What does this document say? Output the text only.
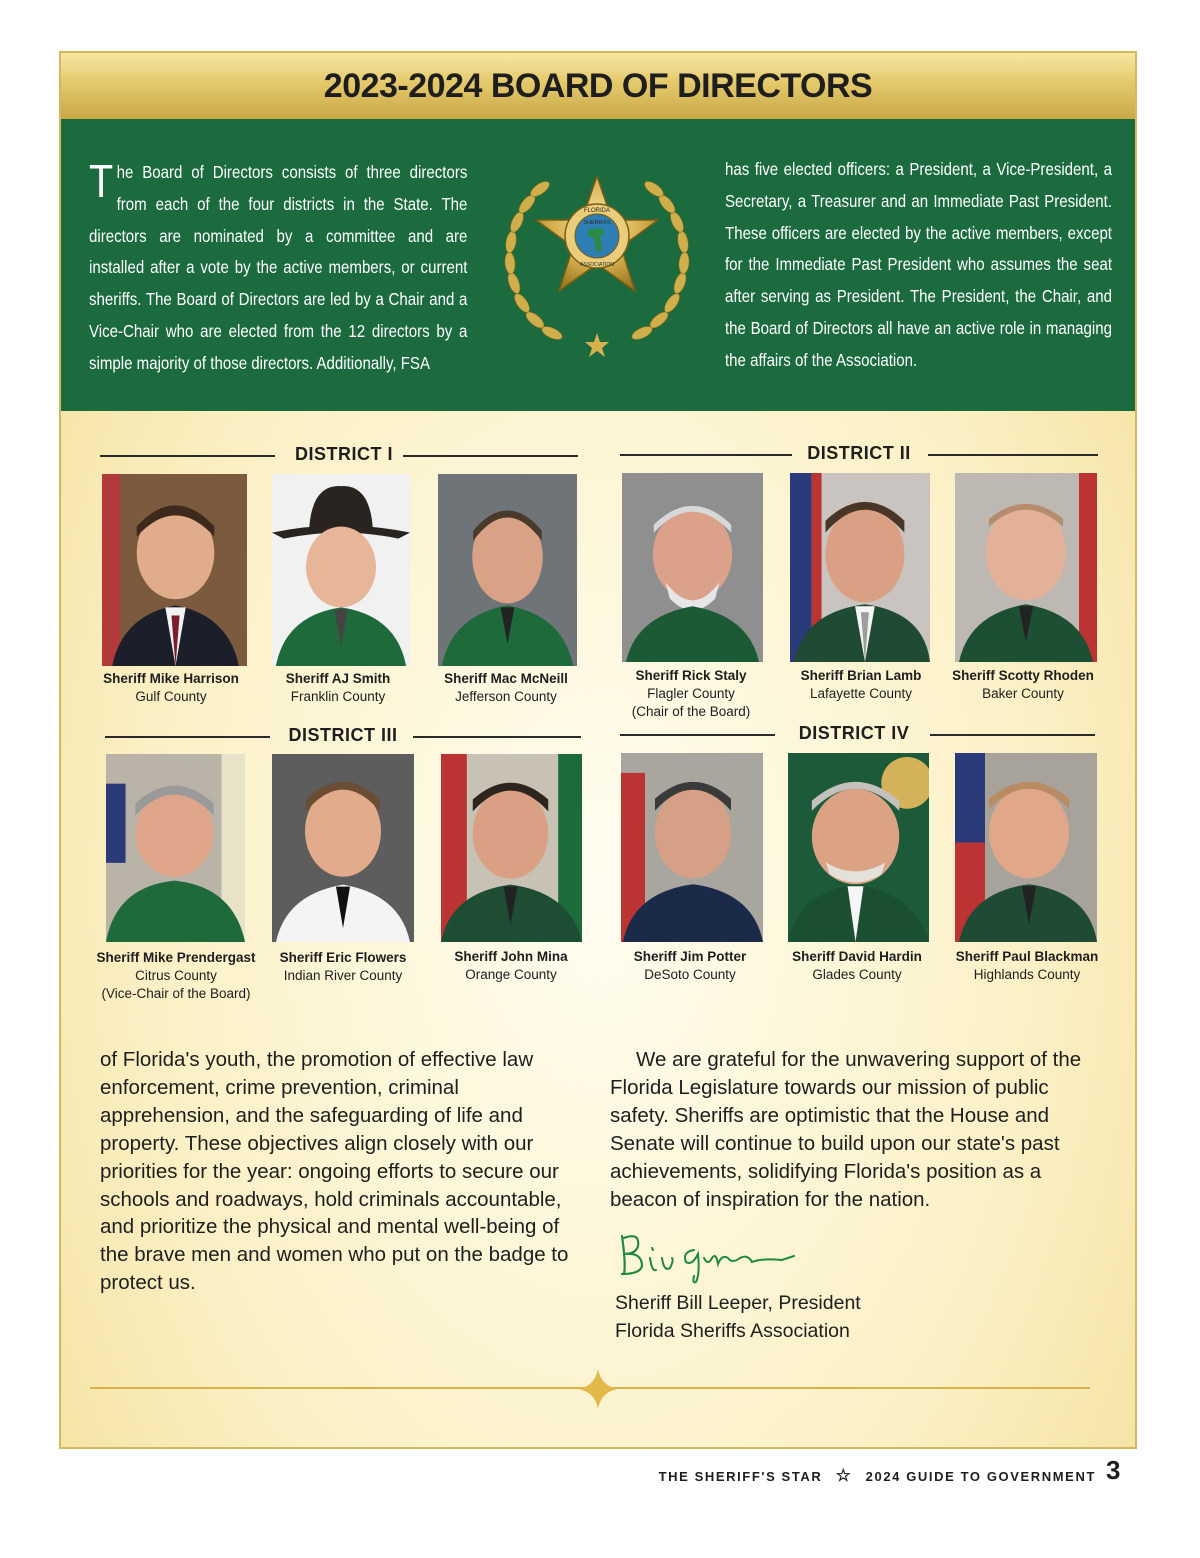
2023-2024 BOARD OF DIRECTORS
The Board of Directors consists of three directors from each of the four districts in the State. The directors are nominated by a committee and are installed after a vote by the active members, or current sheriffs. The Board of Directors are led by a Chair and a Vice-Chair who are elected from the 12 directors by a simple majority of those directors. Additionally, FSA
has five elected officers: a President, a Vice-President, a Secretary, a Treasurer and an Immediate Past President. These officers are elected by the active members, except for the Immediate Past President who assumes the seat after serving as President. The President, the Chair, and the Board of Directors all have an active role in managing the affairs of the Association.
FLORIDA
SHERIFFS
ASSOCIATION
DISTRICT I	DISTRICT II
DISTRICT III	DISTRICT IV
Sheriff Mike Harrison
Gulf County
Sheriff AJ Smith
Franklin County
Sheriff Mac McNeill
Jefferson County
Sheriff Rick Staly
Flagler County
(Chair of the Board)
Sheriff Brian Lamb
Lafayette County
Sheriff Scotty Rhoden
Baker County
Sheriff Mike Prendergast
Citrus County
(Vice-Chair of the Board)
Sheriff Eric Flowers
Indian River County
Sheriff John Mina
Orange County
Sheriff Jim Potter
DeSoto County
Sheriff David Hardin
Glades County
Sheriff Paul Blackman
Highlands County
of Florida's youth, the promotion of effective law enforcement, crime prevention, criminal apprehension, and the safeguarding of life and property. These objectives align closely with our priorities for the year: ongoing efforts to secure our schools and roadways, hold criminals accountable, and prioritize the physical and mental well-being of the brave men and women who put on the badge to protect us.
We are grateful for the unwavering support of the Florida Legislature towards our mission of public safety. Sheriffs are optimistic that the House and Senate will continue to build upon our state's past achievements, solidifying Florida's position as a beacon of inspiration for the nation.
Sheriff Bill Leeper, President
Florida Sheriffs Association
THE SHERIFF'S STAR ☆ 2024 GUIDE TO GOVERNMENT 3
